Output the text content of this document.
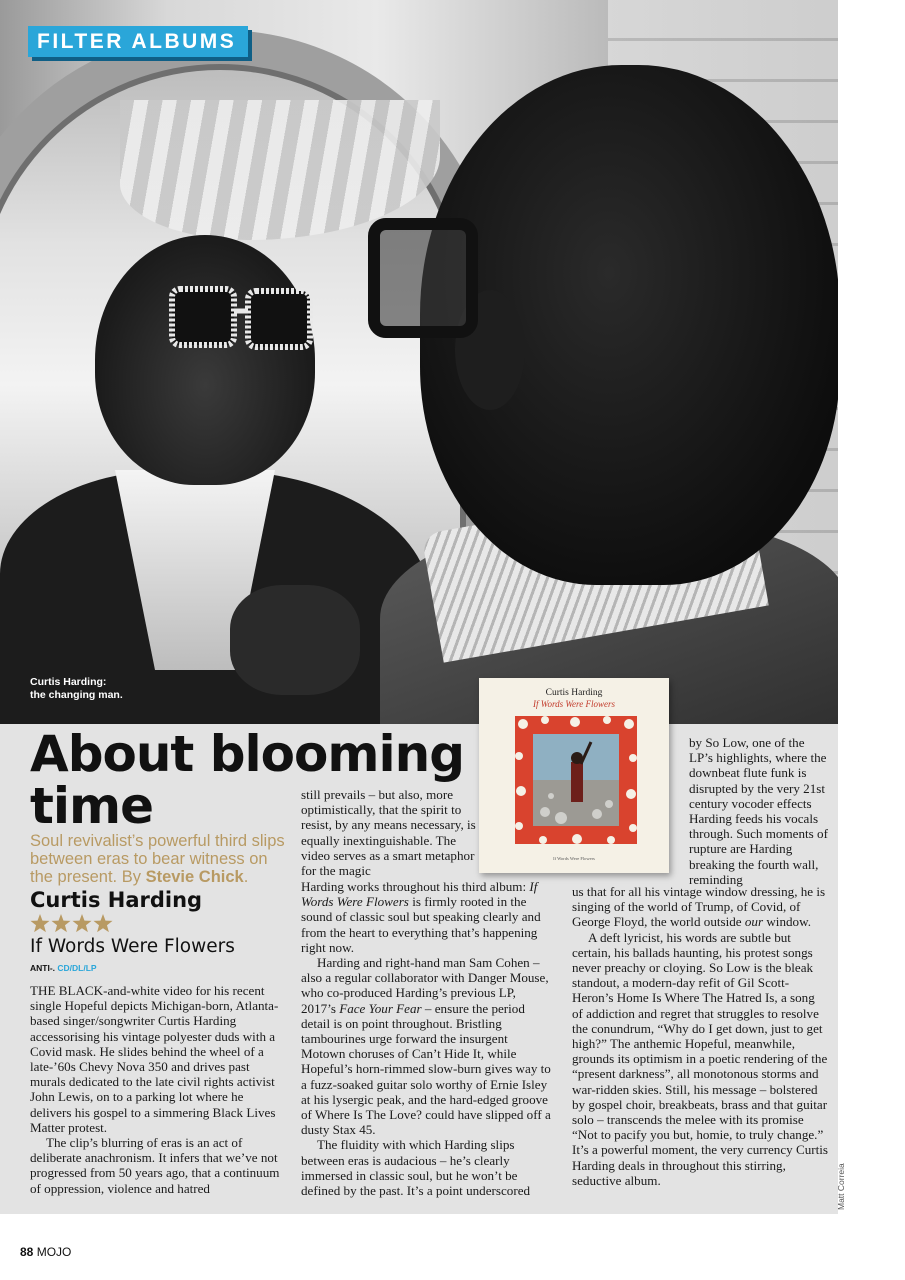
FILTER ALBUMS
Curtis Harding:
the changing man.
About blooming time
Soul revivalist’s powerful third slips between eras to bear witness on the present. By Stevie Chick.
Curtis Harding
If Words Were Flowers
ANTI-. CD/DL/LP

THE BLACK-and-white video for his recent single Hopeful depicts Michigan-born, Atlanta-based singer/songwriter Curtis Harding accessorising his vintage polyester duds with a Covid mask. He slides behind the wheel of a late-’60s Chevy Nova 350 and drives past murals dedicated to the late civil rights activist John Lewis, on to a parking lot where he delivers his gospel to a simmering Black Lives Matter protest.

The clip’s blurring of eras is an act of deliberate anachronism. It infers that we’ve not progressed from 50 years ago, that a continuum of oppression, violence and hatred

still prevails – but also, more optimistically, that the spirit to resist, by any means necessary, is equally inextinguishable. The video serves as a smart metaphor for the magic

Harding works throughout his third album: If Words Were Flowers is firmly rooted in the sound of classic soul but speaking clearly and from the heart to everything that’s happening right now.

Harding and right-hand man Sam Cohen – also a regular collaborator with Danger Mouse, who co-produced Harding’s previous LP, 2017’s Face Your Fear – ensure the period detail is on point throughout. Bristling tambourines urge forward the insurgent Motown choruses of Can’t Hide It, while Hopeful’s horn-rimmed slow-burn gives way to a fuzz-soaked guitar solo worthy of Ernie Isley at his lysergic peak, and the hard-edged groove of Where Is The Love? could have slipped off a dusty Stax 45.

The fluidity with which Harding slips between eras is audacious – he’s clearly immersed in classic soul, but he won’t be defined by the past. It’s a point underscored

Curtis Harding
If Words Were Flowers
If Words Were Flowers

by So Low, one of the LP’s highlights, where the downbeat flute funk is disrupted by the very 21st century vocoder effects Harding feeds his vocals through. Such moments of rupture are Harding breaking the fourth wall, reminding

us that for all his vintage window dressing, he is singing of the world of Trump, of Covid, of George Floyd, the world outside our window.

A deft lyricist, his words are subtle but certain, his ballads haunting, his protest songs never preachy or cloying. So Low is the bleak standout, a modern-day refit of Gil Scott-Heron’s Home Is Where The Hatred Is, a song of addiction and regret that struggles to resolve the conundrum, “Why do I get down, just to get high?” The anthemic Hopeful, meanwhile, grounds its optimism in a poetic rendering of the “present darkness”, all monotonous storms and war-ridden skies. Still, his message – bolstered by gospel choir, breakbeats, brass and that guitar solo – transcends the melee with its promise “Not to pacify you but, homie, to truly change.” It’s a powerful moment, the very currency Curtis Harding deals in throughout this stirring, seductive album.	Matt Correia
88 MOJO
